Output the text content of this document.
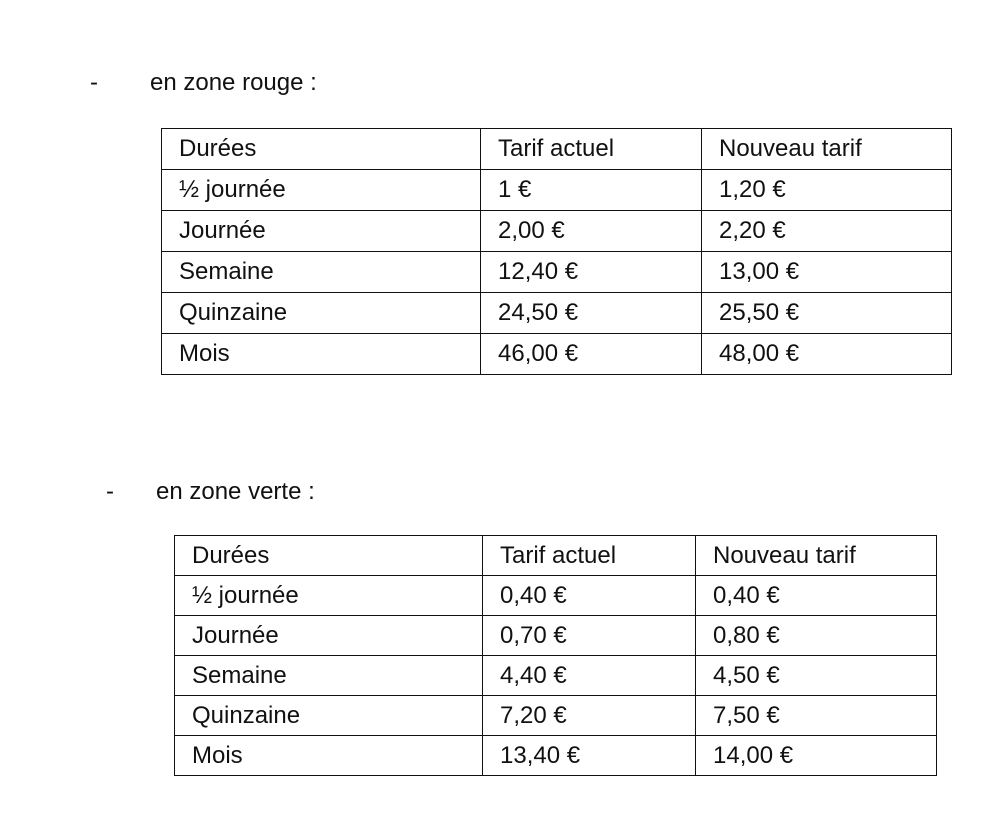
- en zone rouge :
Durées	Tarif actuel	Nouveau tarif
½ journée	1 €	1,20 €
Journée	2,00 €	2,20 €
Semaine	12,40 €	13,00 €
Quinzaine	24,50 €	25,50 €
Mois	46,00 €	48,00 €
- en zone verte :
Durées	Tarif actuel	Nouveau tarif
½ journée	0,40 €	0,40 €
Journée	0,70 €	0,80 €
Semaine	4,40 €	4,50 €
Quinzaine	7,20 €	7,50 €
Mois	13,40 €	14,00 €
